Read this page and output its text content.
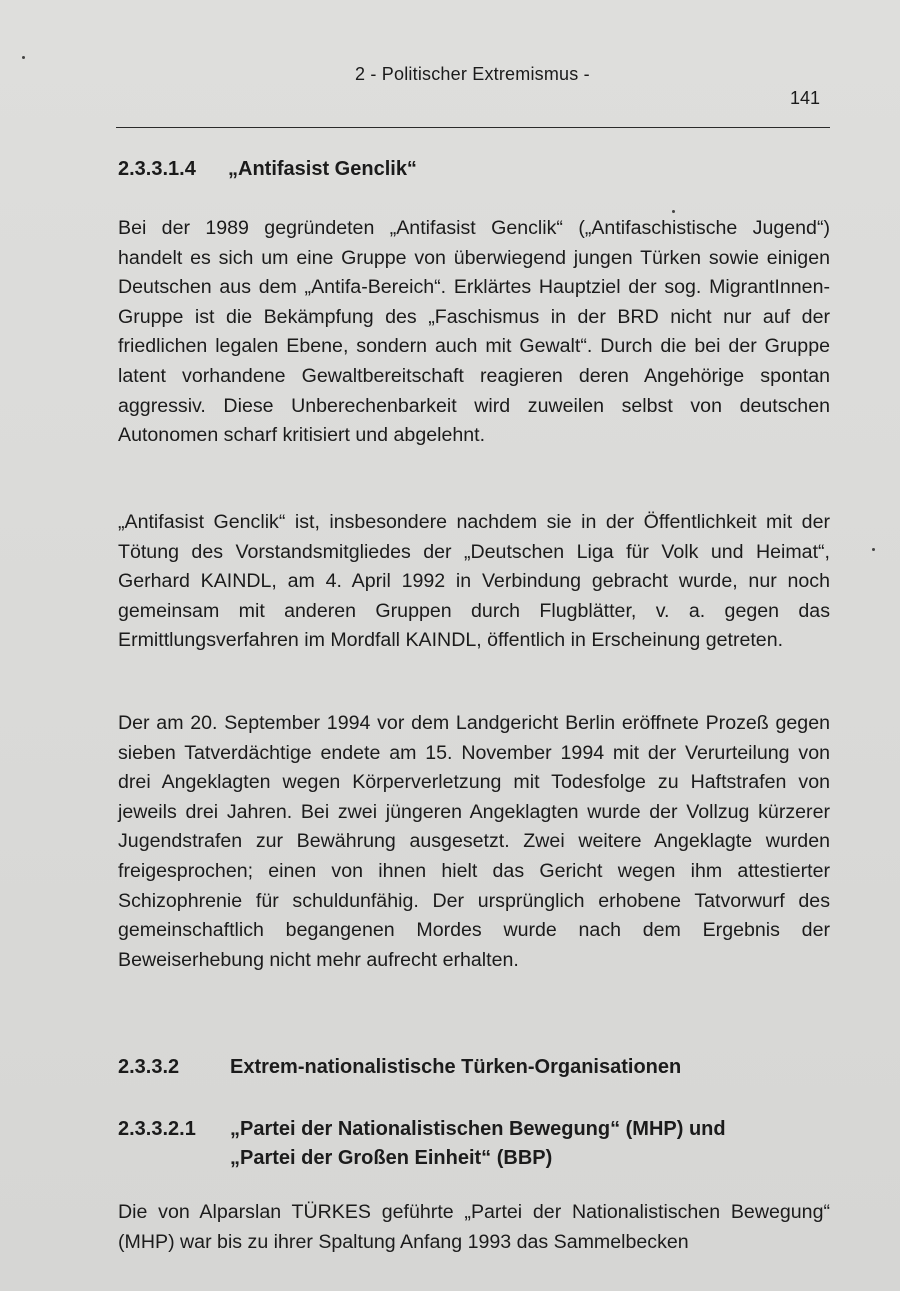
2 - Politischer Extremismus -
141
2.3.3.1.4 „Antifasist Genclik“

Bei der 1989 gegründeten „Antifasist Genclik“ („Antifaschistische Jugend“) handelt es sich um eine Gruppe von überwiegend jungen Türken sowie einigen Deutschen aus dem „Antifa-Bereich“. Erklärtes Hauptziel der sog. MigrantInnen-Gruppe ist die Bekämpfung des „Faschismus in der BRD nicht nur auf der friedlichen legalen Ebene, sondern auch mit Gewalt“. Durch die bei der Gruppe latent vorhandene Gewaltbereitschaft reagieren deren Angehörige spontan aggressiv. Diese Unberechenbarkeit wird zuweilen selbst von deutschen Autonomen scharf kritisiert und abgelehnt.

„Antifasist Genclik“ ist, insbesondere nachdem sie in der Öffentlichkeit mit der Tötung des Vorstandsmitgliedes der „Deutschen Liga für Volk und Heimat“, Gerhard KAINDL, am 4. April 1992 in Verbindung gebracht wurde, nur noch gemeinsam mit anderen Gruppen durch Flugblätter, v. a. gegen das Ermittlungsverfahren im Mordfall KAINDL, öffentlich in Erscheinung getreten.

Der am 20. September 1994 vor dem Landgericht Berlin eröffnete Prozeß gegen sieben Tatverdächtige endete am 15. November 1994 mit der Verurteilung von drei Angeklagten wegen Körperverletzung mit Todesfolge zu Haftstrafen von jeweils drei Jahren. Bei zwei jüngeren Angeklagten wurde der Vollzug kürzerer Jugendstrafen zur Bewährung ausgesetzt. Zwei weitere Angeklagte wurden freigesprochen; einen von ihnen hielt das Gericht wegen ihm attestierter Schizophrenie für schuldunfähig. Der ursprünglich erhobene Tatvorwurf des gemeinschaftlich begangenen Mordes wurde nach dem Ergebnis der Beweiserhebung nicht mehr aufrecht erhalten.

2.3.3.2	Extrem-nationalistische Türken-Organisationen
2.3.3.2.1 „Partei der Nationalistischen Bewegung“ (MHP) und
„Partei der Großen Einheit“ (BBP)

Die von Alparslan TÜRKES geführte „Partei der Nationalistischen Bewegung“ (MHP) war bis zu ihrer Spaltung Anfang 1993 das Sammelbecken
